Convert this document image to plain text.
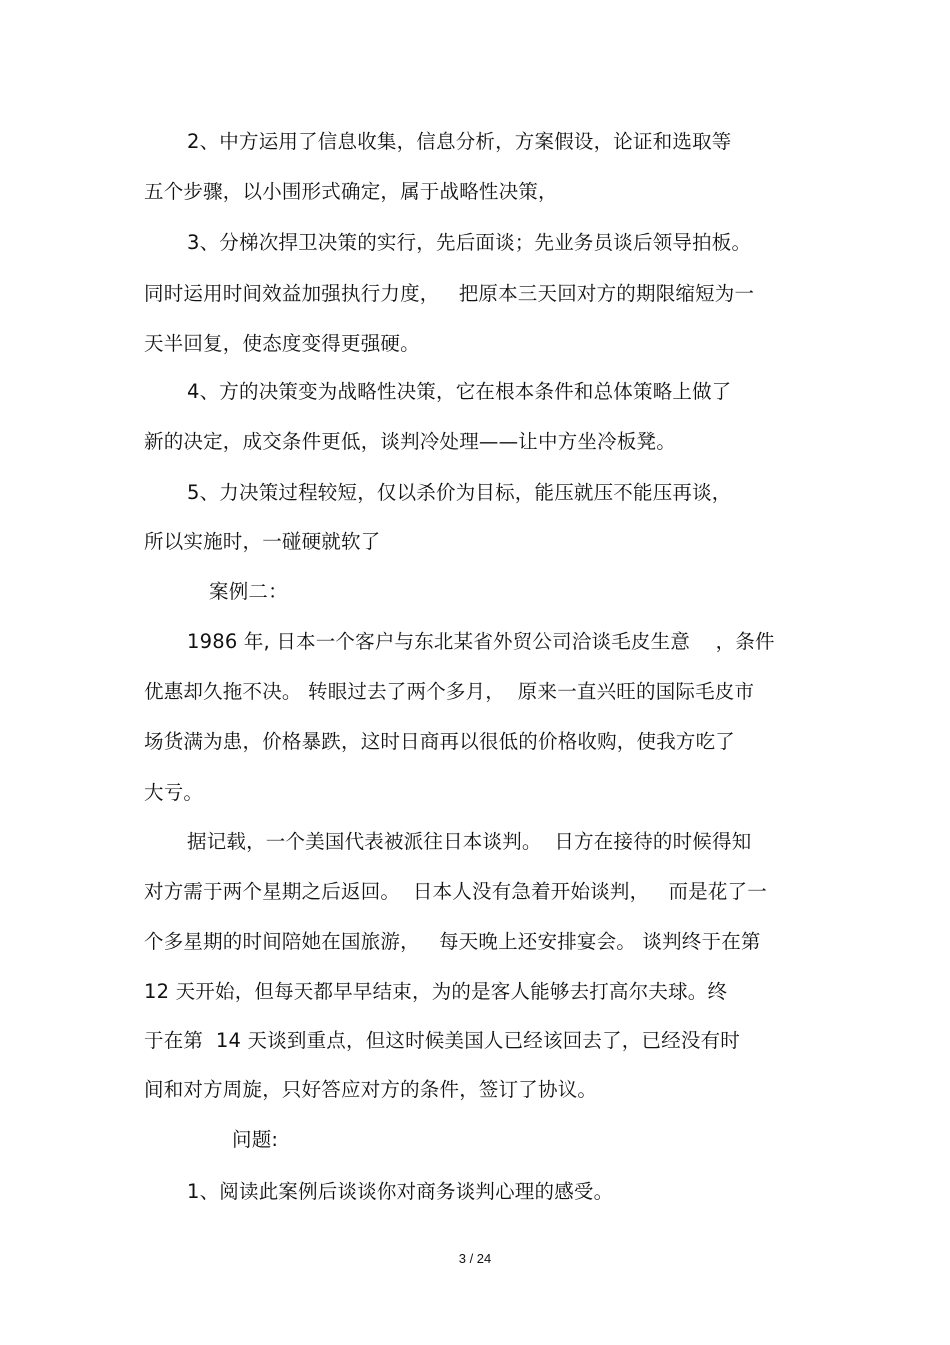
2、中方运用了信息收集，信息分析，方案假设，论证和选取等
五个步骤，以小围形式确定，属于战略性决策，
3、分梯次捍卫决策的实行，先后面谈；先业务员谈后领导拍板。
同时运用时间效益加强执行力度，   把原本三天回对方的期限缩短为一
天半回复，使态度变得更强硬。
4、方的决策变为战略性决策，它在根本条件和总体策略上做了
新的决定，成交条件更低，谈判冷处理——让中方坐冷板凳。
5、力决策过程较短，仅以杀价为目标，能压就压不能压再谈，
所以实施时，一碰硬就软了
案例二：
1986 年, 日本一个客户与东北某省外贸公司洽谈毛皮生意    ，条件
优惠却久拖不决。 转眼过去了两个多月，  原来一直兴旺的国际毛皮市
场货满为患，价格暴跌，这时日商再以很低的价格收购，使我方吃了
大亏。
据记载，一个美国代表被派往日本谈判。  日方在接待的时候得知
对方需于两个星期之后返回。  日本人没有急着开始谈判，   而是花了一
个多星期的时间陪她在国旅游，   每天晚上还安排宴会。 谈判终于在第
12 天开始，但每天都早早结束，为的是客人能够去打高尔夫球。终
于在第  14 天谈到重点，但这时候美国人已经该回去了，已经没有时
间和对方周旋，只好答应对方的条件，签订了协议。
问题:
1、阅读此案例后谈谈你对商务谈判心理的感受。
3 / 24
